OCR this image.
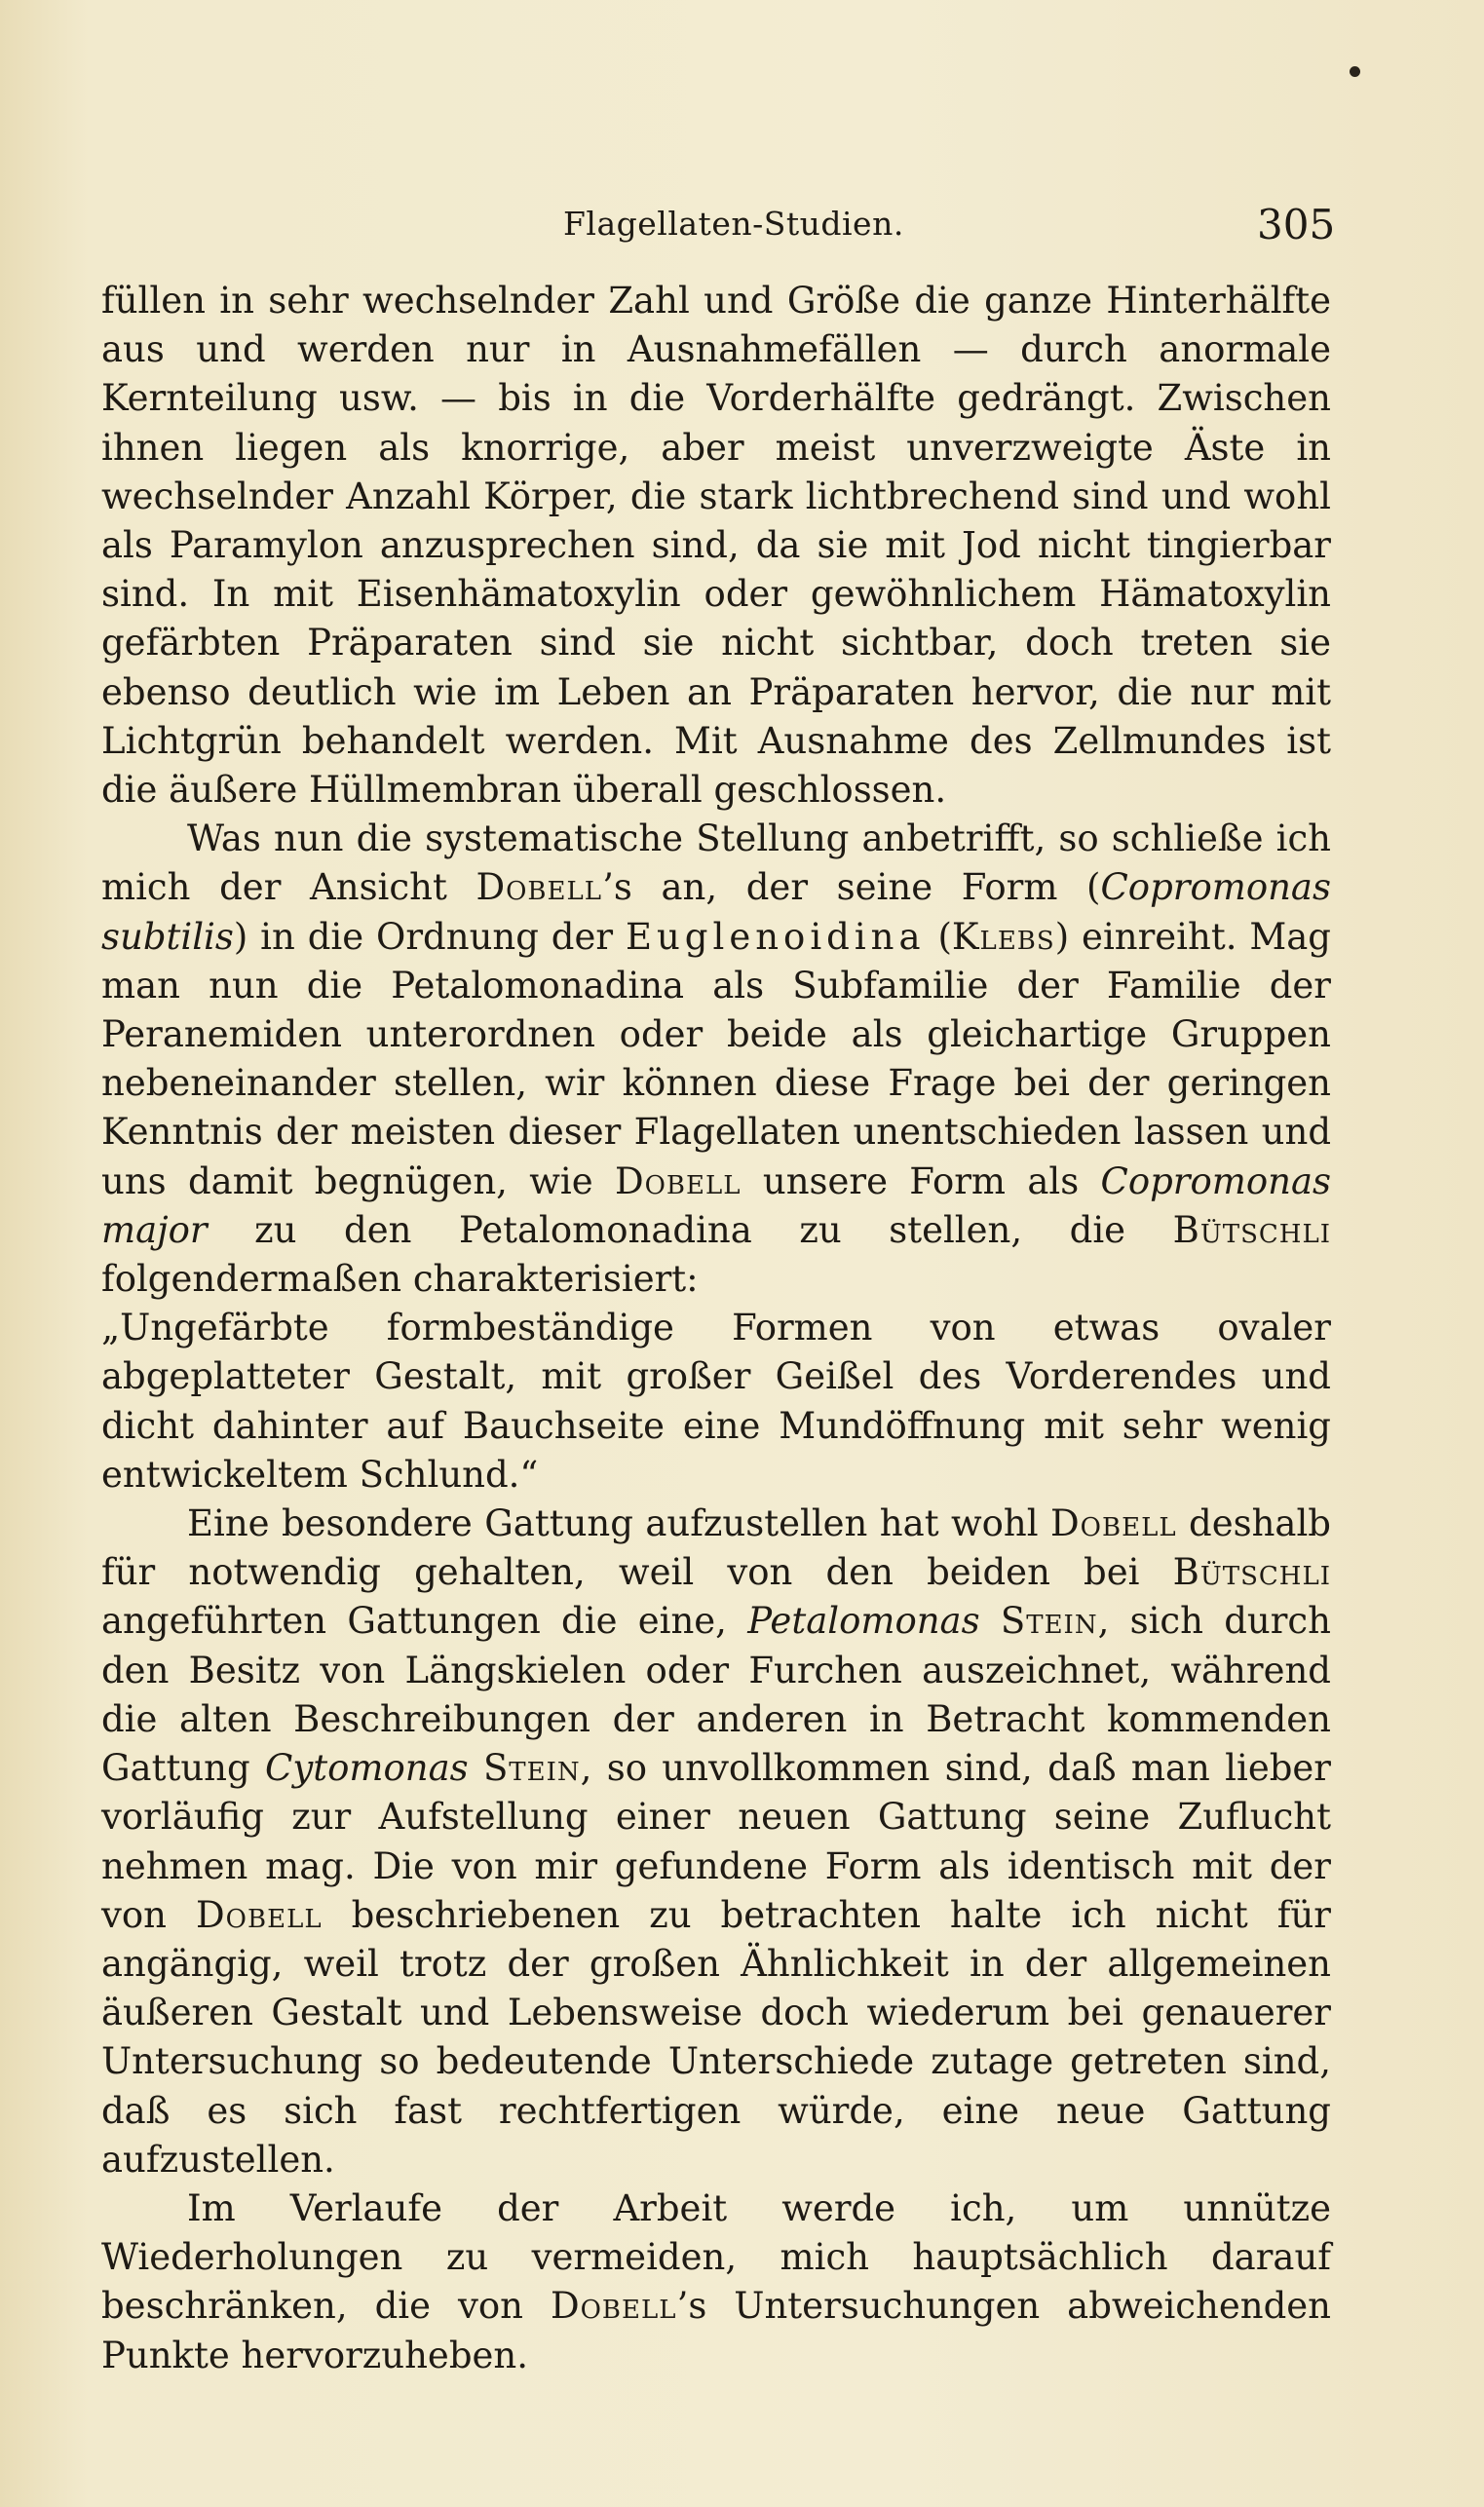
Flagellaten-Studien.	305

füllen in sehr wechselnder Zahl und Größe die ganze Hinterhälfte aus und werden nur in Ausnahmefällen — durch anormale Kernteilung usw. — bis in die Vorderhälfte gedrängt. Zwischen ihnen liegen als knorrige, aber meist unverzweigte Äste in wechselnder Anzahl Körper, die stark lichtbrechend sind und wohl als Paramylon anzusprechen sind, da sie mit Jod nicht tingierbar sind. In mit Eisenhämatoxylin oder gewöhnlichem Hämatoxylin gefärbten Präparaten sind sie nicht sichtbar, doch treten sie ebenso deutlich wie im Leben an Präparaten hervor, die nur mit Lichtgrün behandelt werden. Mit Ausnahme des Zellmundes ist die äußere Hüllmembran überall geschlossen.

Was nun die systematische Stellung anbetrifft, so schließe ich mich der Ansicht Dobell’s an, der seine Form (Copromonas subtilis) in die Ordnung der Euglenoidina (Klebs) einreiht. Mag man nun die Petalomonadina als Subfamilie der Familie der Peranemiden unterordnen oder beide als gleichartige Gruppen nebeneinander stellen, wir können diese Frage bei der geringen Kenntnis der meisten dieser Flagellaten unentschieden lassen und uns damit begnügen, wie Dobell unsere Form als Copromonas major zu den Petalomonadina zu stellen, die Bütschli folgendermaßen charakterisiert:

„Ungefärbte formbeständige Formen von etwas ovaler abgeplatteter Gestalt, mit großer Geißel des Vorderendes und dicht dahinter auf Bauchseite eine Mundöffnung mit sehr wenig entwickeltem Schlund.“

Eine besondere Gattung aufzustellen hat wohl Dobell deshalb für notwendig gehalten, weil von den beiden bei Bütschli angeführten Gattungen die eine, Petalomonas Stein, sich durch den Besitz von Längskielen oder Furchen auszeichnet, während die alten Beschreibungen der anderen in Betracht kommenden Gattung Cytomonas Stein, so unvollkommen sind, daß man lieber vorläufig zur Aufstellung einer neuen Gattung seine Zuflucht nehmen mag. Die von mir gefundene Form als identisch mit der von Dobell beschriebenen zu betrachten halte ich nicht für angängig, weil trotz der großen Ähnlichkeit in der allgemeinen äußeren Gestalt und Lebensweise doch wiederum bei genauerer Untersuchung so bedeutende Unterschiede zutage getreten sind, daß es sich fast rechtfertigen würde, eine neue Gattung aufzustellen.

Im Verlaufe der Arbeit werde ich, um unnütze Wiederholungen zu vermeiden, mich hauptsächlich darauf beschränken, die von Dobell’s Untersuchungen abweichenden Punkte hervorzuheben.
